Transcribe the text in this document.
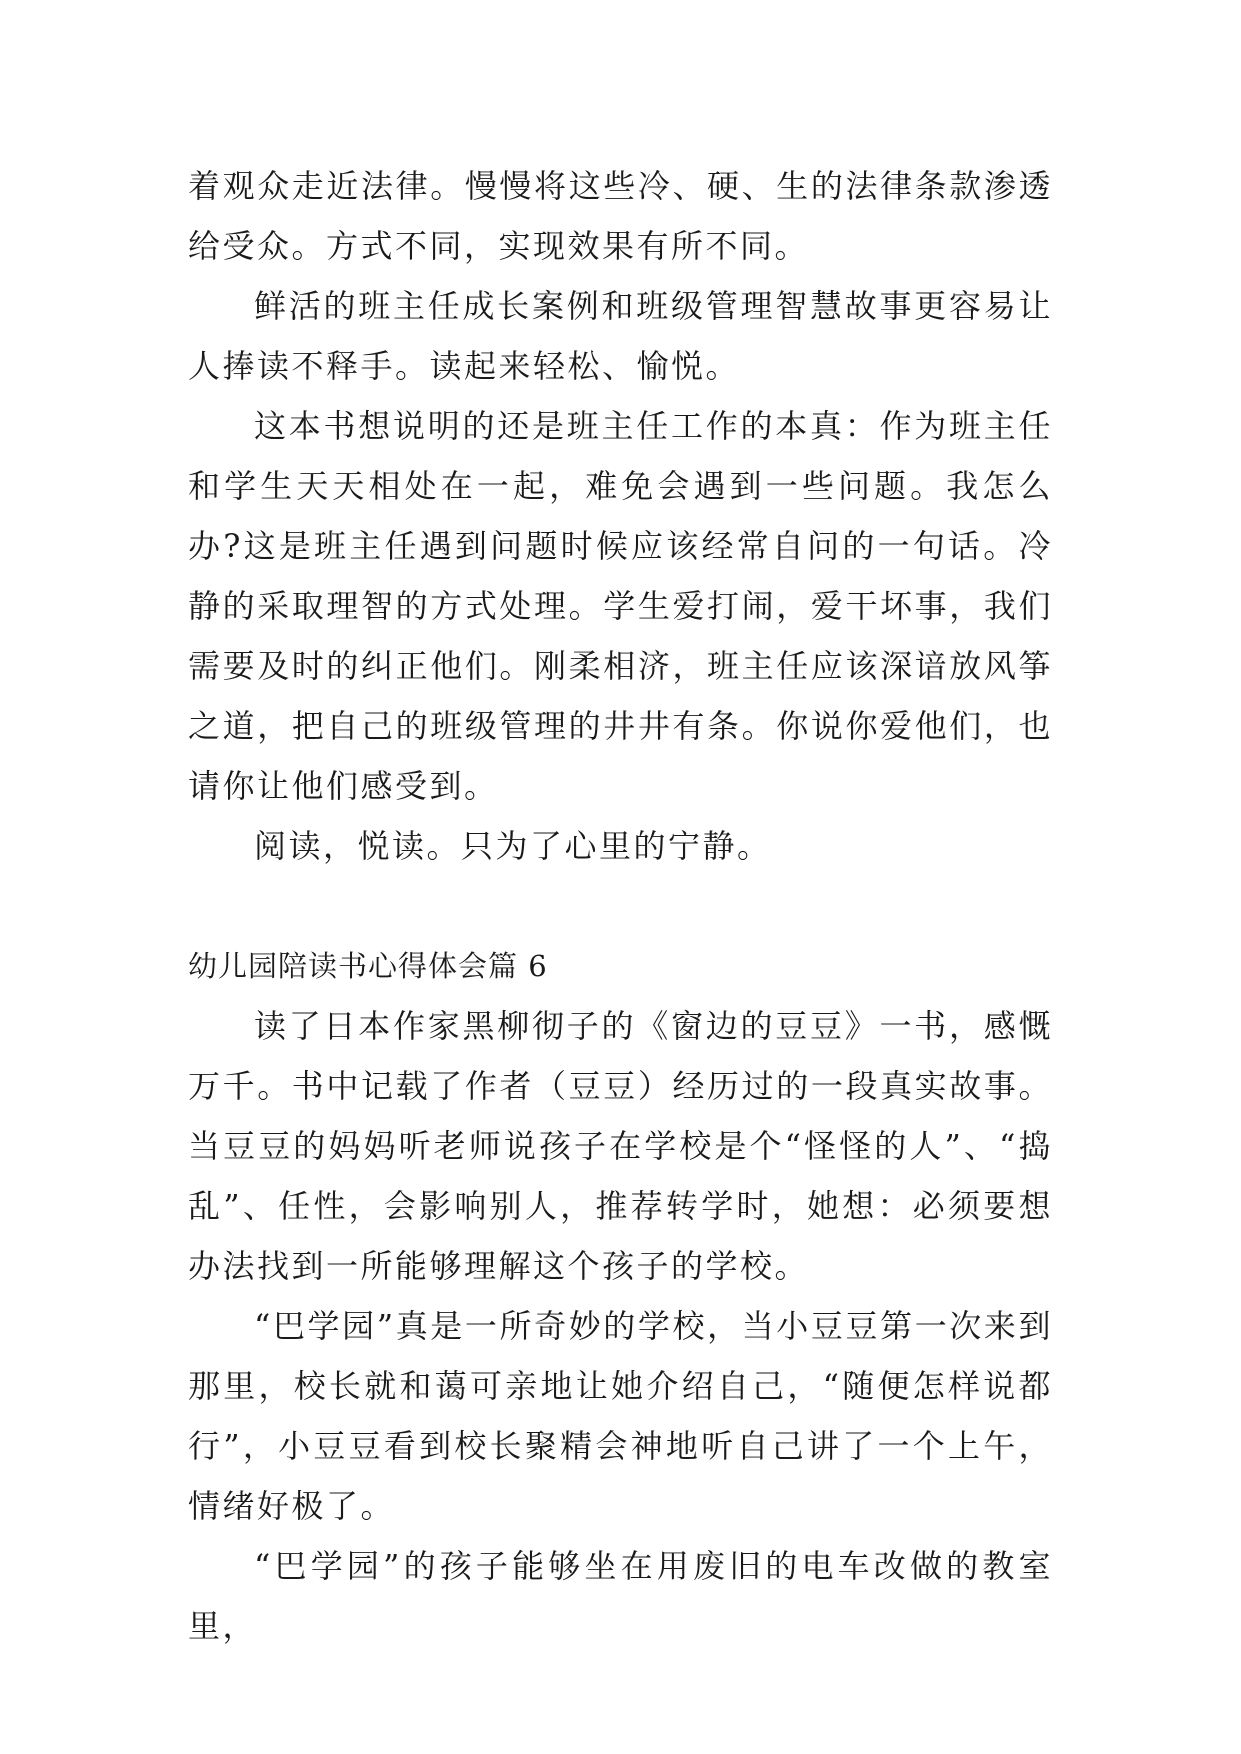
着观众走近法律。慢慢将这些冷、硬、生的法律条款渗透给受众。方式不同，实现效果有所不同。

鲜活的班主任成长案例和班级管理智慧故事更容易让人捧读不释手。读起来轻松、愉悦。

这本书想说明的还是班主任工作的本真：作为班主任和学生天天相处在一起，难免会遇到一些问题。我怎么办?这是班主任遇到问题时候应该经常自问的一句话。冷静的采取理智的方式处理。学生爱打闹，爱干坏事，我们需要及时的纠正他们。刚柔相济，班主任应该深谙放风筝之道，把自己的班级管理的井井有条。你说你爱他们，也请你让他们感受到。

阅读，悦读。只为了心里的宁静。

幼儿园陪读书心得体会篇 6

读了日本作家黑柳彻子的《窗边的豆豆》一书，感慨万千。书中记载了作者（豆豆）经历过的一段真实故事。当豆豆的妈妈听老师说孩子在学校是个“怪怪的人”、“捣乱”、任性，会影响别人，推荐转学时，她想：必须要想办法找到一所能够理解这个孩子的学校。

“巴学园”真是一所奇妙的学校，当小豆豆第一次来到那里，校长就和蔼可亲地让她介绍自己，“随便怎样说都行”，小豆豆看到校长聚精会神地听自己讲了一个上午，情绪好极了。

“巴学园”的孩子能够坐在用废旧的电车改做的教室里，
